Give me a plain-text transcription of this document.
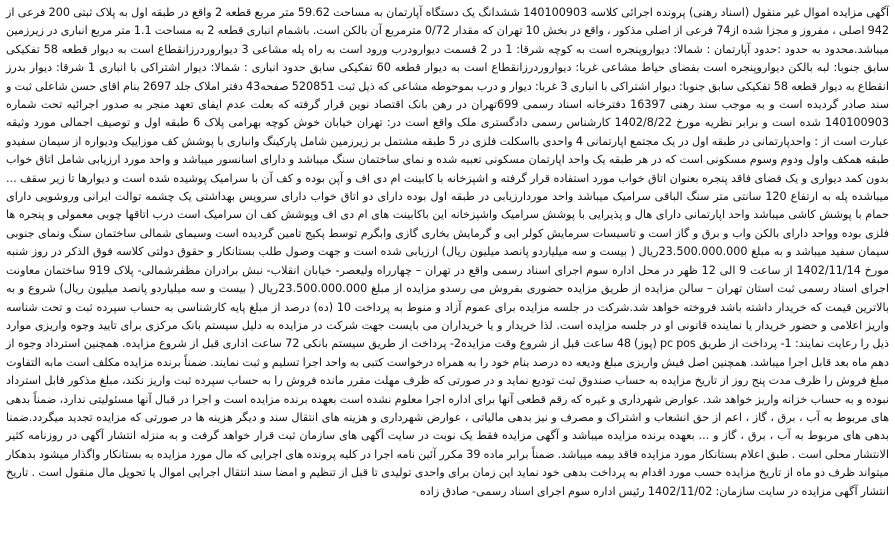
آگهی مزایده اموال غیر منقول (اسناد رهنی) پرونده اجرائی کلاسه 140100903 ششدانگ یک دستگاه آپارتمان به مساحت 59.62 متر مربع قطعه 2 واقع در طبقه اول به پلاک ثبتی 200 فرعی از 942 اصلی ، مفروز و مجزا شده از74 فرعی از اصلی مذکور ، واقع در بخش 10 تهران که مقدار 0/72 مترمربع آن بالکن است. باشمام انباری قطعه 2 به مساحت 1.1 متر مربع انباری در زیرزمین میباشد.محدود به حدود :حدود آپارتمان : شمالا: دیوارو‌پنجره است به کوچه شرقا: 1 در 2 قسمت دیوارودرب ورود است به راه پله مشاعی 3 دیواروردرزانقطاع است به دیوار قطعه 58 تفکیکی سابق جنوبا: لبه بالکن دیوارو‌پنجره است بفضای حیاط مشاعی غربا: دیواروردرزانقطاع است به دیوار قطعه 60 تفکیکی سابق حدود انباری : شمالا: دیوار اشتراکی با انباری 1 شرقا: دیوار بدرز انقطاع به دیوار قطعه 58 تفکیکی سابق جنوبا: دیوار اشتراکی با انباری 3 غربا: دیوار و درب بموحوطه مشاعی که ذیل ثبت 520851 صفحه43 دفتر املاک جلد 2697 بنام اقای حسن شاعلی ثبت و سند صادر گردیده است و به موجب سند رهنی 16397 دفترخانه اسناد رسمی 699تهران در رهن بانک اقتصاد نوین قرار گرفته که بعلت عدم ایفای تعهد منجر به صدور اجرائیه تحت شماره 140100903 شده است و برابر نظریه مورخ 1402/8/22 کارشناس رسمی دادگستری ملک واقع است در: تهران خیابان خوش کوچه بهرامی پلاک 6 طبقه اول و توصیف اجمالی مورد وثیقه عبارت است از : واحدپارتمانی در طبقه اول در یک مجتمع اپارتمانی 4 واحدی بااسکلت فلزی در 5 طبقه مشتمل بر زیرزمین شامل پارکینگ وانباری با پوشش کف موزاییک ودیواره از سیمان سفیدو طبقه همکف واول ودوم وسوم مسکونی است که در هر طبقه یک واحد اپارتمان مسکونی تعبیه شده و نمای ساختمان سنگ میباشد و دارای اسانسور میباشد و واحد مورد ارزیابی شامل اتاق خواب بدون کمد دیواری و یک فضای فاقد پنجره بعنوان اتاق خواب مورد استفاده قرار گرفته و اشپزخانه با کابینت ام دی اف و آپن بوده و کف آن با سرامیک پوشیده شده است و دیوارها تا زیر سقف ... میباشده پله به ارتفاع 120 سانتی متر سنگ الباقی سرامیک میباشد واحد موردارزیابی در طبقه اول بوده دارای دو اتاق خواب دارای سرویس بهداشتی یک چشمه توالت ایرانی وروشویی دارای حمام با پوشش کاشی میباشد واحد اپارتمانی دارای هال و پذیرایی با پوشش سرامیک واشپزخانه این باکابینت های ام دی اف وپوشش کف ان سرامیک است درب اتاقها چوبی معمولی و پنجره ها فلزی بوده وواحد دارای بالکن واب و برق و گاز است و تاسیسات سرمایش کولر ابی و گرمایش بخاری گازی وابگرم توسط پکیج تامین گردیده است وسيمای شمالی ساختمان سنگ ونمای جنوبی سیمان سفید میباشد و به مبلغ 23.500.000.000ریال ( بیست و سه میلیاردو پانصد میلیون ریال) ارزیابی شده است و جهت وصول طلب بستانکار و حقوق دولتی کلاسه فوق الذکر در روز شنبه مورخ 1402/11/14 از ساعت 9 الی 12 ظهر در محل اداره سوم اجرای اسناد رسمی واقع در تهران – چهارراه ولیعصر- خیابان انقلاب- نبش برادران مظفرشمالی- پلاک 919 ساختمان معاونت اجرای اسناد رسمی ثبت استان تهران – سالن مزایده از طریق مزایده حضوری بفروش می رسدو مزایده از مبلغ 23.500.000.000ریال ( بیست و سه میلیاردو پانصد میلیون ریال) شروع و به بالاترین قیمت که خریدار داشته باشد فروخته خواهد شد.شرکت در جلسه مزایده برای عموم آزاد و منوط به پرداخت 10 (ده) درصد از مبلغ پایه کارشناسی به حساب سپرده ثبت و تحت شناسه واریز اعلامی و حضور خریدار یا نماینده قانونی او در جلسه مزایده است. لذا خریدار و یا خریداران می بایست جهت شرکت در مزایده به دلیل سیستم بانک مرکزی برای تایید وجوه واریزی موارد ذیل را رعایت نمایند: 1- پرداخت از طریق pc pos (پوز) 48 ساعت قبل از شروع وقت مزایده2- پرداخت از طریق سیستم بانکی 72 ساعت اداری قبل از شروع مزایده. همچنین استرداد وجوه از دهم ماه بعد قابل اجرا میباشد. همچنین اصل فیش واریزی مبلغ ودیعه ده درصد بنام خود را به همراه درخواست کتبی به واحد اجرا تسلیم و ثبت نمایند. ضمناً برنده مزایده مکلف است مابه التفاوت مبلغ فروش را ظرف مدت پنج روز از تاریخ مزایده به حساب صندوق ثبت تودیع نماید و در صورتی که ظرف مهلت مقرر مانده فروش را به حساب سپرده ثبت واریز نکند، مبلغ مذکور قابل استرداد نبوده و به حساب خزانه واریز خواهد شد. عوارض شهرداری و غیره که رقم قطعی آنها برای اداره اجرا معلوم نشده است بعهده برنده مزایده است و اجرا در قبال آنها مسئولیتی ندارد، ضمناً بدهی های مربوط به آب ، برق ، گاز ، اعم از حق انشعاب و اشتراک و مصرف و نیز بدهی مالیاتی ، عوارض شهرداری و هزینه های انتقال سند و دیگر هزینه ها در صورتی که مزایده تجدید میگردد.ضمنا بدهی های مربوط به آب ، برق ، گاز و ... بعهده برنده مزایده میباشد و آگهی مزایده فقط یک نوبت در سایت آگهی های سازمان ثبت قرار خواهد گرفت و به منزله انتشار آگهی در روزنامه کثیر الانتشار محلی است . طبق اعلام بستانکار مورد مزایده فاقد بیمه میباشد. ضمناً برابر ماده 39 مکرر آئین نامه اجرا در کلیه پرونده های اجرایی که مال مورد مزایده به بستانکار واگذار میشود بدهکار میتواند ظرف دو ماه از تاریخ مزایده حسب مورد اقدام به پرداخت بدهی خود نماید این زمان برای واحدی تولیدی تا قبل از تنظیم و امضا سند انتقال اجرایی اموال یا تحویل مال منقول است . تاریخ انتشار آگهی مزایده در سایت سازمان: 1402/11/02 رئیس اداره سوم اجرای اسناد رسمی- صادق زاده
